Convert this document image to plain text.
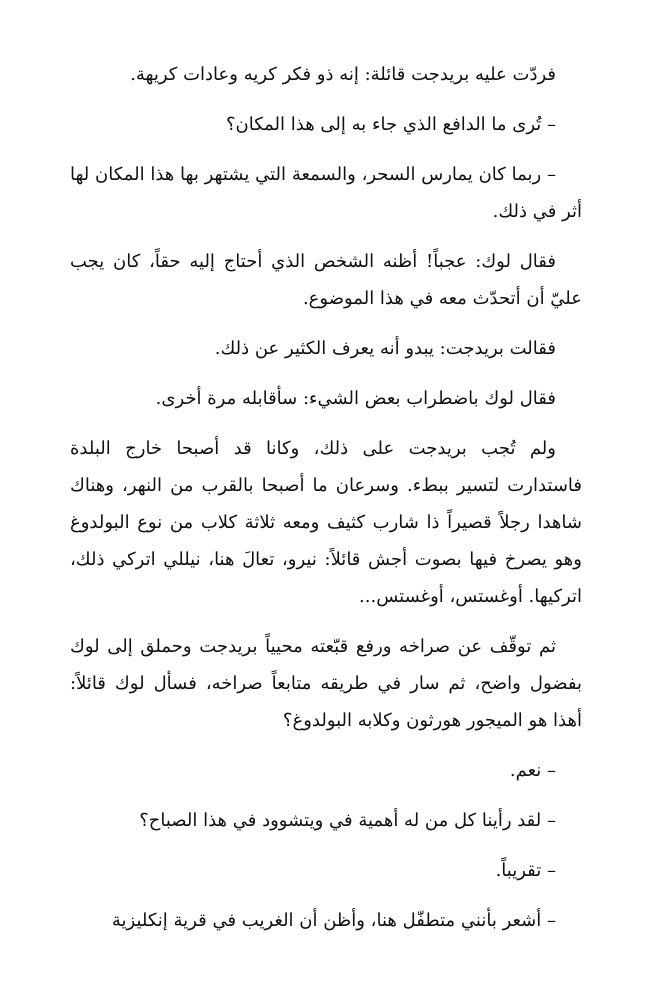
فردّت عليه بريدجت قائلة: إنه ذو فكر كريه وعادات كريهة.

– تُرى ما الدافع الذي جاء به إلى هذا المكان؟

– ربما كان يمارس السحر، والسمعة التي يشتهر بها هذا المكان لها أثر في ذلك.

فقال لوك: عجباً! أظنه الشخص الذي أحتاج إليه حقاً، كان يجب عليّ أن أتحدّث معه في هذا الموضوع.

فقالت بريدجت: يبدو أنه يعرف الكثير عن ذلك.

فقال لوك باضطراب بعض الشيء: سأقابله مرة أخرى.

ولم تُجب بريدجت على ذلك، وكانا قد أصبحا خارج البلدة فاستدارت لتسير ببطء. وسرعان ما أصبحا بالقرب من النهر، وهناك شاهدا رجلاً قصيراً ذا شارب كثيف ومعه ثلاثة كلاب من نوع البولدوغ وهو يصرخ فيها بصوت أجش قائلاً: نيرو، تعالَ هنا، نيللي اتركي ذلك، اتركيها. أوغستس، أوغستس...

ثم توقّف عن صراخه ورفع قبّعته محيياً بريدجت وحملق إلى لوك بفضول واضح، ثم سار في طريقه متابعاً صراخه، فسأل لوك قائلاً: أهذا هو الميجور هورثون وكلابه البولدوغ؟

– نعم.

– لقد رأينا كل من له أهمية في ويتشوود في هذا الصباح؟

– تقريباً.

– أشعر بأنني متطفّل هنا، وأظن أن الغريب في قرية إنكليزية
